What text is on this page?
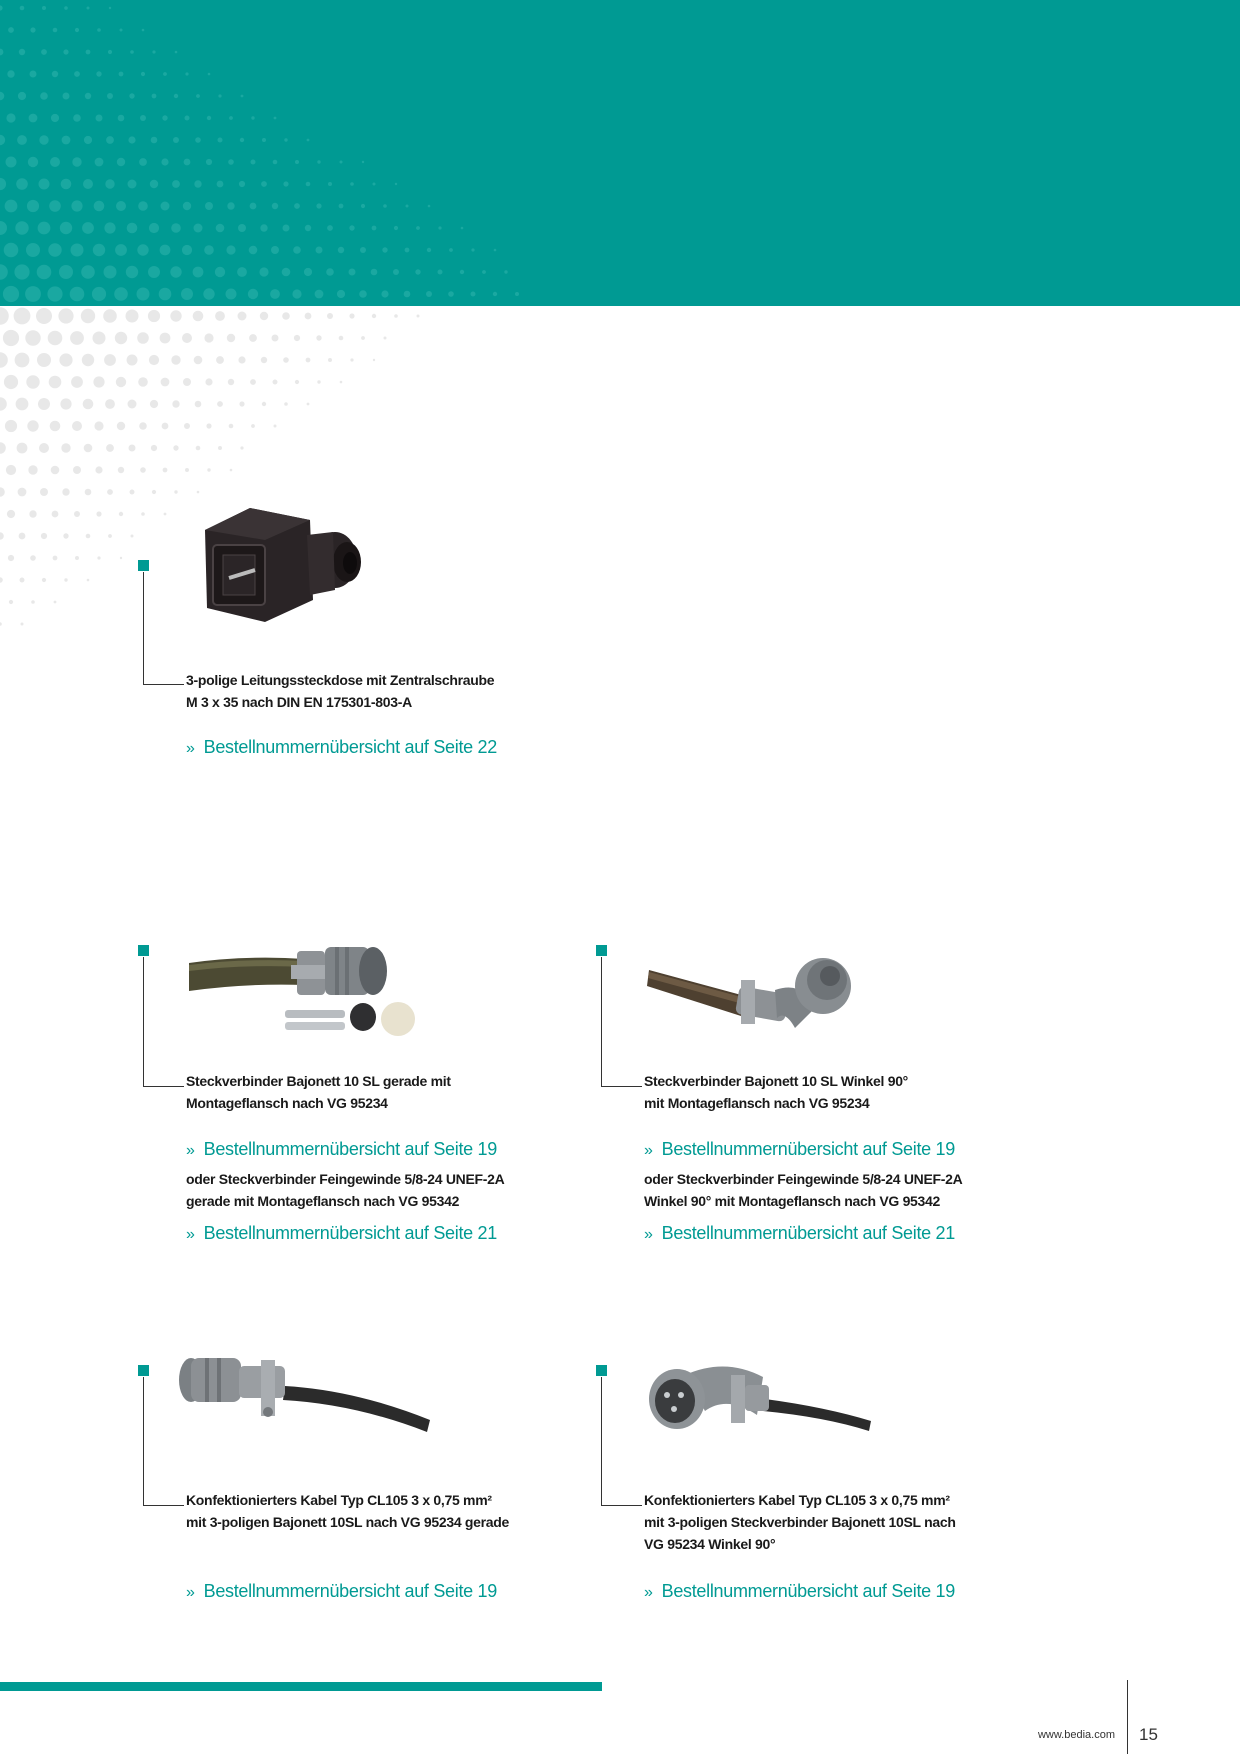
3-polige Leitungssteckdose mit Zentralschraube
M 3 x 35 nach DIN EN 175301-803-A
» Bestellnummernübersicht auf Seite 22
Steckverbinder Bajonett 10 SL gerade mit
Montageflansch nach VG 95234
» Bestellnummernübersicht auf Seite 19
oder Steckverbinder Feingewinde 5/8-24 UNEF-2A
gerade mit Montageflansch nach VG 95342
» Bestellnummernübersicht auf Seite 21
Steckverbinder Bajonett 10 SL Winkel 90°
mit Montageflansch nach VG 95234
» Bestellnummernübersicht auf Seite 19
oder Steckverbinder Feingewinde 5/8-24 UNEF-2A
Winkel 90° mit Montageflansch nach VG 95342
» Bestellnummernübersicht auf Seite 21
Konfektionierters Kabel Typ CL105 3 x 0,75 mm²
mit 3-poligen Bajonett 10SL nach VG 95234 gerade
» Bestellnummernübersicht auf Seite 19
Konfektionierters Kabel Typ CL105 3 x 0,75 mm²
mit 3-poligen Steckverbinder Bajonett 10SL nach
VG 95234 Winkel 90°
» Bestellnummernübersicht auf Seite 19
www.bedia.com 15
